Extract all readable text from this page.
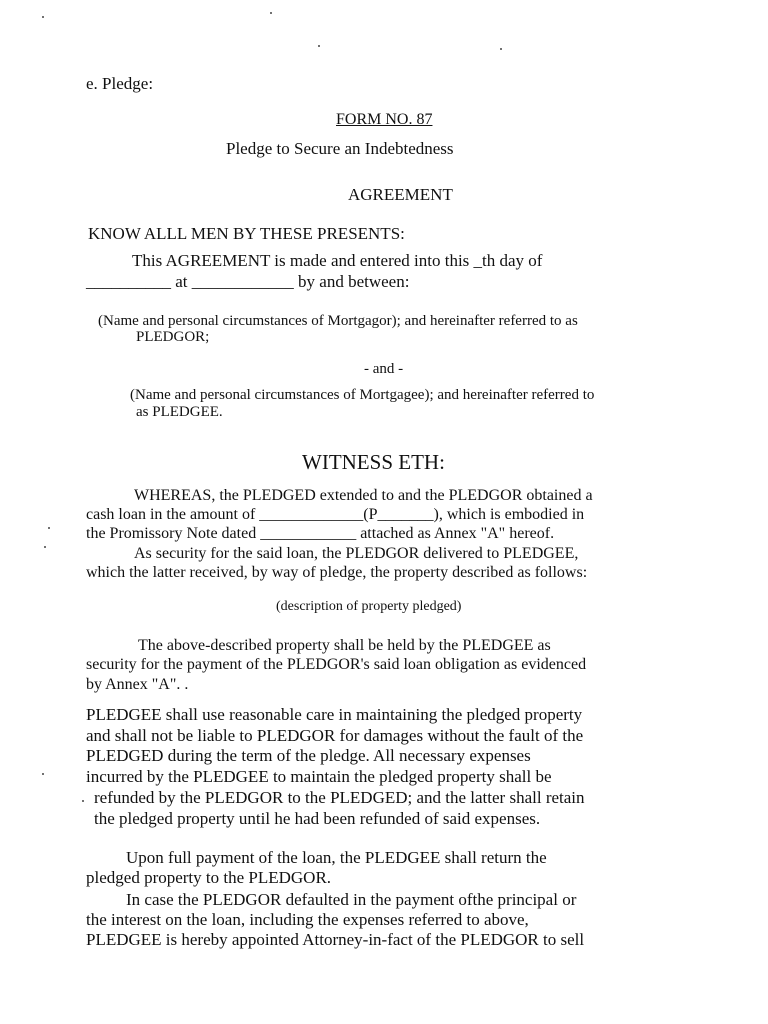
e. Pledge:
FORM NO. 87
Pledge to Secure an Indebtedness
AGREEMENT
KNOW ALLL MEN BY THESE PRESENTS:
This AGREEMENT is made and entered into this _th day of
__________ at ____________ by and between:
(Name and personal circumstances of Mortgagor); and hereinafter referred to as
PLEDGOR;
- and -
(Name and personal circumstances of Mortgagee); and hereinafter referred to
as PLEDGEE.
WITNESS ETH:
WHEREAS, the PLEDGED extended to and the PLEDGOR obtained a
cash loan in the amount of _____________(P_______), which is embodied in
the Promissory Note dated ____________ attached as Annex "A" hereof.
As security for the said loan, the PLEDGOR delivered to PLEDGEE,
which the latter received, by way of pledge, the property described as follows:
(description of property pledged)
The above-described property shall be held by the PLEDGEE as
security for the payment of the PLEDGOR's said loan obligation as evidenced
by Annex "A". .
PLEDGEE shall use reasonable care in maintaining the pledged property
and shall not be liable to PLEDGOR for damages without the fault of the
PLEDGED during the term of the pledge. All necessary expenses
incurred by the PLEDGEE to maintain the pledged property shall be
refunded by the PLEDGOR to the PLEDGED; and the latter shall retain
the pledged property until he had been refunded of said expenses.
Upon full payment of the loan, the PLEDGEE shall return the
pledged property to the PLEDGOR.
In case the PLEDGOR defaulted in the payment ofthe principal or
the interest on the loan, including the expenses referred to above,
PLEDGEE is hereby appointed Attorney-in-fact of the PLEDGOR to sell
